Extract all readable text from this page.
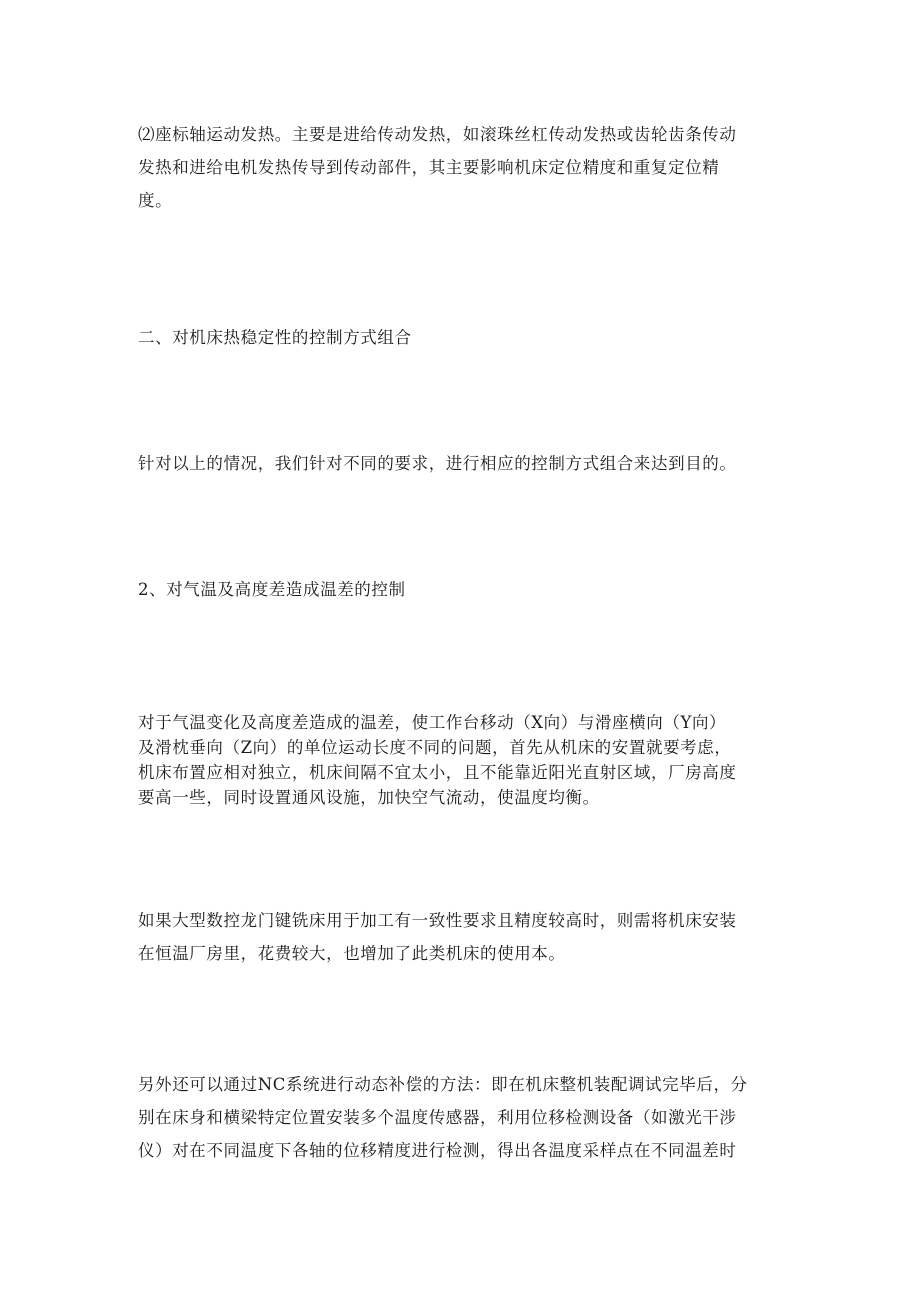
⑵座标轴运动发热。主要是进给传动发热，如滚珠丝杠传动发热或齿轮齿条传动
发热和进给电机发热传导到传动部件，其主要影响机床定位精度和重复定位精
度。
二、对机床热稳定性的控制方式组合
针对以上的情况，我们针对不同的要求，进行相应的控制方式组合来达到目的。
2、对气温及高度差造成温差的控制
对于气温变化及高度差造成的温差，使工作台移动（X向）与滑座横向（Y向）
及滑枕垂向（Z向）的单位运动长度不同的问题，首先从机床的安置就要考虑，
机床布置应相对独立，机床间隔不宜太小，且不能靠近阳光直射区域，厂房高度
要高一些，同时设置通风设施，加快空气流动，使温度均衡。
如果大型数控龙门键铣床用于加工有一致性要求且精度较高时，则需将机床安装
在恒温厂房里，花费较大，也增加了此类机床的使用本。
另外还可以通过NC系统进行动态补偿的方法：即在机床整机装配调试完毕后，分
别在床身和横梁特定位置安装多个温度传感器，利用位移检测设备（如激光干涉
仪）对在不同温度下各轴的位移精度进行检测，得出各温度采样点在不同温差时
